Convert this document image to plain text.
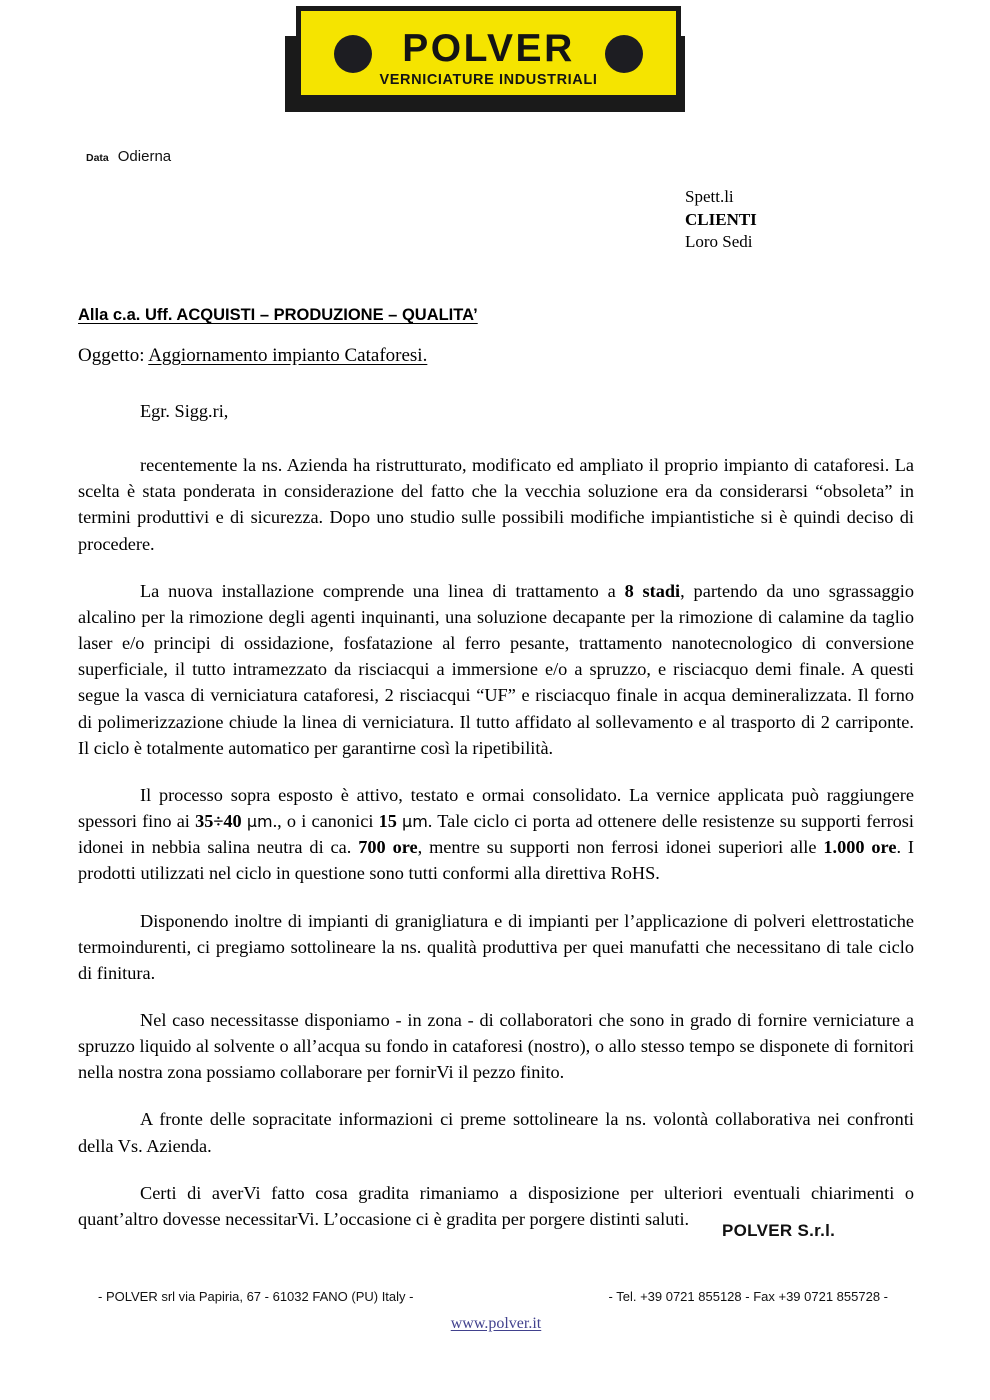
POLVER
VERNICIATURE INDUSTRIALI
Data Odierna
Spett.li
CLIENTI
Loro Sedi
Alla c.a. Uff. ACQUISTI – PRODUZIONE – QUALITA’
Oggetto: Aggiornamento impianto Cataforesi.

Egr. Sigg.ri,

recentemente la ns. Azienda ha ristrutturato, modificato ed ampliato il proprio impianto di cataforesi. La scelta è stata ponderata in considerazione del fatto che la vecchia soluzione era da considerarsi “obsoleta” in termini produttivi e di sicurezza. Dopo uno studio sulle possibili modifiche impiantistiche si è quindi deciso di procedere.

La nuova installazione comprende una linea di trattamento a 8 stadi, partendo da uno sgrassaggio alcalino per la rimozione degli agenti inquinanti, una soluzione decapante per la rimozione di calamine da taglio laser e/o principi di ossidazione, fosfatazione al ferro pesante, trattamento nanotecnologico di conversione superficiale, il tutto intramezzato da risciacqui a immersione e/o a spruzzo, e risciacquo demi finale. A questi segue la vasca di verniciatura cataforesi, 2 risciacqui “UF” e risciacquo finale in acqua demineralizzata. Il forno di polimerizzazione chiude la linea di verniciatura. Il tutto affidato al sollevamento e al trasporto di 2 carriponte. Il ciclo è totalmente automatico per garantirne così la ripetibilità.

Il processo sopra esposto è attivo, testato e ormai consolidato. La vernice applicata può raggiungere spessori fino ai 35÷40 μm., o i canonici 15 μm. Tale ciclo ci porta ad ottenere delle resistenze su supporti ferrosi idonei in nebbia salina neutra di ca. 700 ore, mentre su supporti non ferrosi idonei superiori alle 1.000 ore. I prodotti utilizzati nel ciclo in questione sono tutti conformi alla direttiva RoHS.

Disponendo inoltre di impianti di granigliatura e di impianti per l’applicazione di polveri elettrostatiche termoindurenti, ci pregiamo sottolineare la ns. qualità produttiva per quei manufatti che necessitano di tale ciclo di finitura.

Nel caso necessitasse disponiamo - in zona - di collaboratori che sono in grado di fornire verniciature a spruzzo liquido al solvente o all’acqua su fondo in cataforesi (nostro), o allo stesso tempo se disponete di fornitori nella nostra zona possiamo collaborare per fornirVi il pezzo finito.

A fronte delle sopracitate informazioni ci preme sottolineare la ns. volontà collaborativa nei confronti della Vs. Azienda.

Certi di averVi fatto cosa gradita rimaniamo a disposizione per ulteriori eventuali chiarimenti o quant’altro dovesse necessitarVi. L’occasione ci è gradita per porgere distinti saluti.

POLVER S.r.l.
- POLVER srl via Papiria, 67 - 61032 FANO (PU) Italy -	- Tel. +39 0721 855128 - Fax +39 0721 855728 -
www.polver.it
